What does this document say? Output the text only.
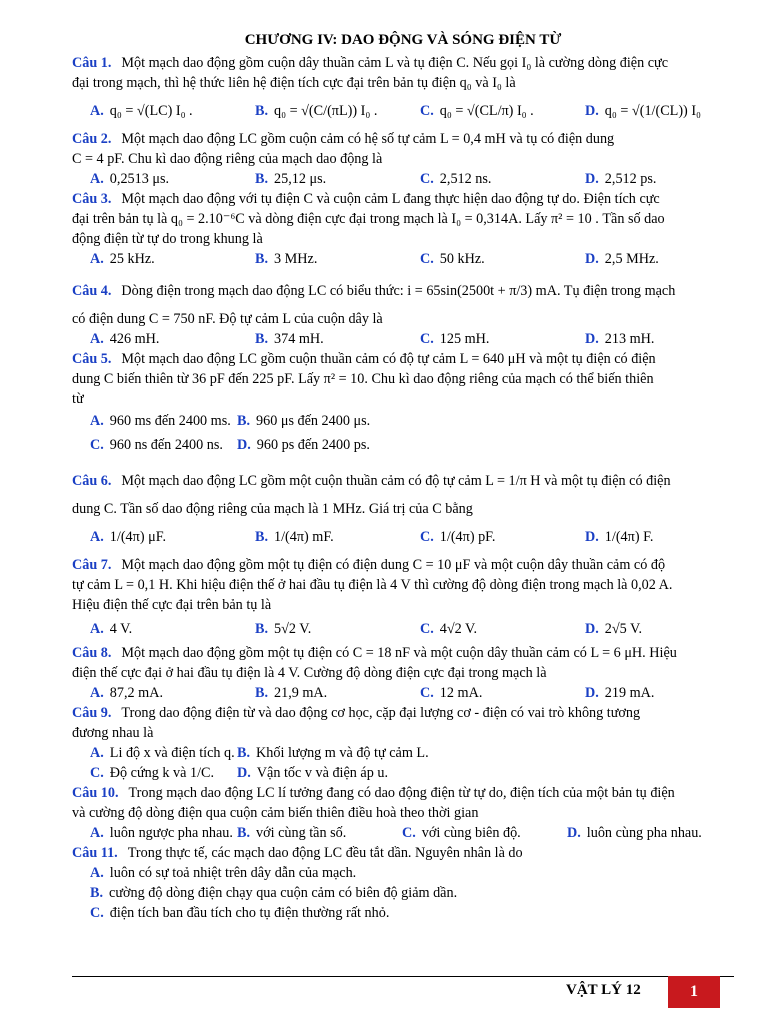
CHƯƠNG IV: DAO ĐỘNG VÀ SÓNG ĐIỆN TỪ
Câu 1. Một mạch dao động gồm cuộn dây thuần cảm L và tụ điện C. Nếu gọi I₀ là cường dòng điện cực
đại trong mạch, thì hệ thức liên hệ điện tích cực đại trên bản tụ điện q₀ và I₀ là
A. q₀ = √(LC) I₀ .	B. q₀ = √(C/(πL)) I₀ .	C. q₀ = √(CL/π) I₀ .	D. q₀ = √(1/(CL)) I₀
Câu 2. Một mạch dao động LC gồm cuộn cảm có hệ số tự cảm L = 0,4 mH và tụ có điện dung
C = 4 pF. Chu kì dao động riêng của mạch dao động là
A. 0,2513 μs.	B. 25,12 μs.	C. 2,512 ns.	D. 2,512 ps.
Câu 3. Một mạch dao động với tụ điện C và cuộn cảm L đang thực hiện dao động tự do. Điện tích cực
đại trên bản tụ là q₀ = 2.10⁻⁶C và dòng điện cực đại trong mạch là I₀ = 0,314A. Lấy π² = 10 . Tần số dao
động điện từ tự do trong khung là
A. 25 kHz.	B. 3 MHz.	C. 50 kHz.	D. 2,5 MHz.
Câu 4. Dòng điện trong mạch dao động LC có biểu thức: i = 65sin(2500t + π/3) mA. Tụ điện trong mạch
có điện dung C = 750 nF. Độ tự cảm L của cuộn dây là
A. 426 mH.	B. 374 mH.	C. 125 mH.	D. 213 mH.
Câu 5. Một mạch dao động LC gồm cuộn thuần cảm có độ tự cảm L = 640 μH và một tụ điện có điện
dung C biến thiên từ 36 pF đến 225 pF. Lấy π² = 10. Chu kì dao động riêng của mạch có thể biến thiên
từ
A. 960 ms đến 2400 ms. B. 960 μs đến 2400 μs.
C. 960 ns đến 2400 ns. D. 960 ps đến 2400 ps.
Câu 6. Một mạch dao động LC gồm một cuộn thuần cảm có độ tự cảm L = 1/π H và một tụ điện có điện
dung C. Tần số dao động riêng của mạch là 1 MHz. Giá trị của C bằng
A. 1/(4π) μF.	B. 1/(4π) mF.	C. 1/(4π) pF.	D. 1/(4π) F.
Câu 7. Một mạch dao động gồm một tụ điện có điện dung C = 10 μF và một cuộn dây thuần cảm có độ
tự cảm L = 0,1 H. Khi hiệu điện thế ở hai đầu tụ điện là 4 V thì cường độ dòng điện trong mạch là 0,02 A.
Hiệu điện thế cực đại trên bản tụ là
A. 4 V.	B. 5√2 V.	C. 4√2 V.	D. 2√5 V.
Câu 8. Một mạch dao động gồm một tụ điện có C = 18 nF và một cuộn dây thuần cảm có L = 6 μH. Hiệu
điện thế cực đại ở hai đầu tụ điện là 4 V. Cường độ dòng điện cực đại trong mạch là
A. 87,2 mA.	B. 21,9 mA.	C. 12 mA.	D. 219 mA.
Câu 9. Trong dao động điện từ và dao động cơ học, cặp đại lượng cơ - điện có vai trò không tương
đương nhau là
A. Li độ x và điện tích q. B. Khối lượng m và độ tự cảm L.
C. Độ cứng k và 1/C.	D. Vận tốc v và điện áp u.
Câu 10. Trong mạch dao động LC lí tưởng đang có dao động điện từ tự do, điện tích của một bản tụ điện
và cường độ dòng điện qua cuộn cảm biến thiên điều hoà theo thời gian
A. luôn ngược pha nhau. B. với cùng tần số.	C. với cùng biên độ.	D. luôn cùng pha nhau.
Câu 11. Trong thực tế, các mạch dao động LC đều tắt dần. Nguyên nhân là do
A. luôn có sự toả nhiệt trên dây dẫn của mạch.
B. cường độ dòng điện chạy qua cuộn cảm có biên độ giảm dần.
C. điện tích ban đầu tích cho tụ điện thường rất nhỏ.
VẬT LÝ 12	1
